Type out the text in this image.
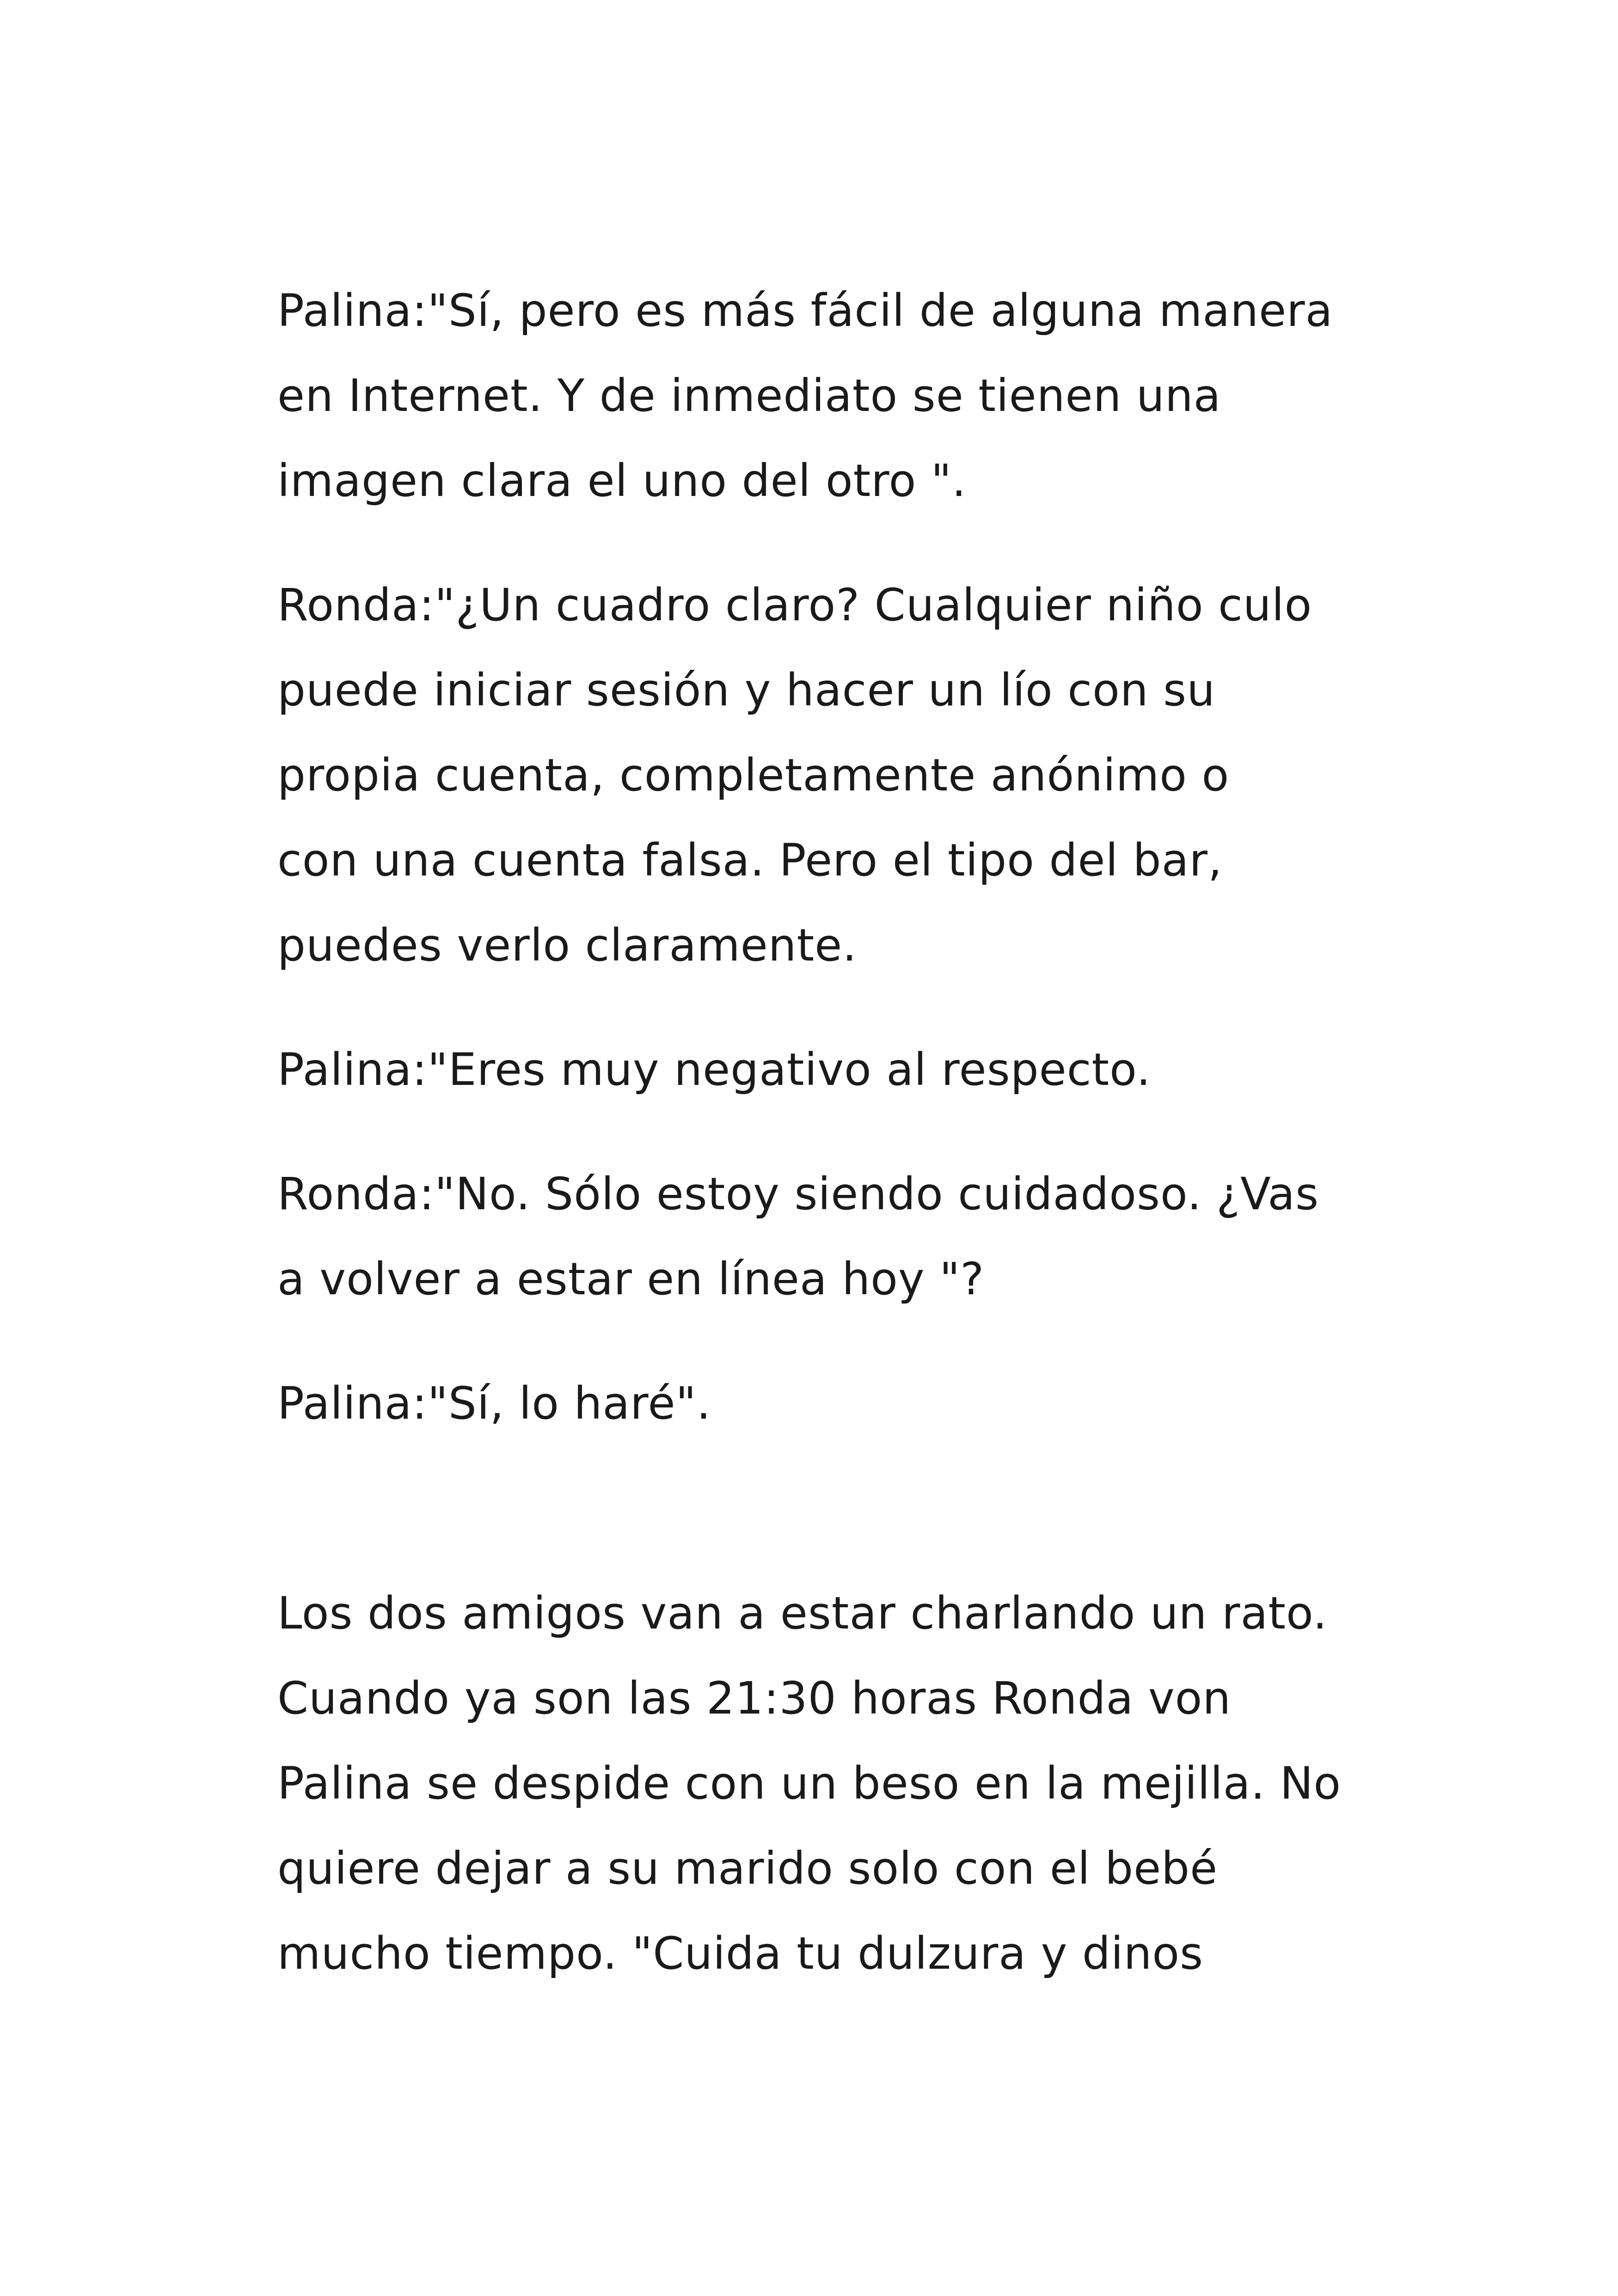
Palina:"Sí, pero es más fácil de alguna manera
en Internet. Y de inmediato se tienen una
imagen clara el uno del otro ".

Ronda:"¿Un cuadro claro? Cualquier niño culo
puede iniciar sesión y hacer un lío con su
propia cuenta, completamente anónimo o
con una cuenta falsa. Pero el tipo del bar,
puedes verlo claramente.

Palina:"Eres muy negativo al respecto.

Ronda:"No. Sólo estoy siendo cuidadoso. ¿Vas
a volver a estar en línea hoy "?

Palina:"Sí, lo haré".

Los dos amigos van a estar charlando un rato.
Cuando ya son las 21:30 horas Ronda von
Palina se despide con un beso en la mejilla. No
quiere dejar a su marido solo con el bebé
mucho tiempo. "Cuida tu dulzura y dinos
